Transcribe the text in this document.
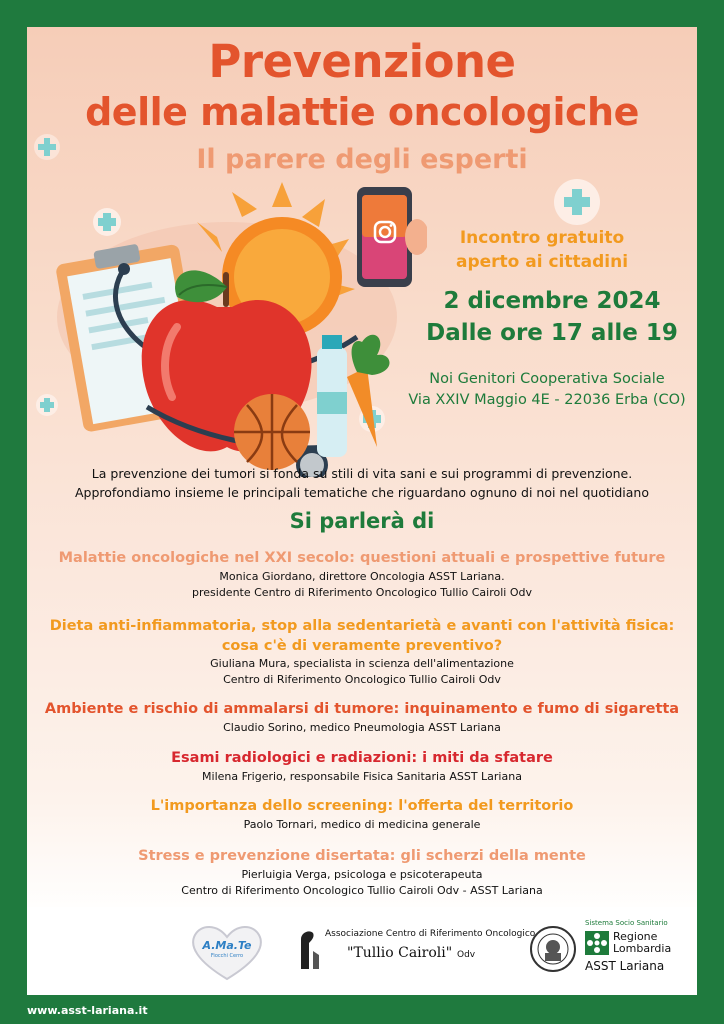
Prevenzione
delle malattie oncologiche
Il parere degli esperti
Incontro gratuito
aperto ai cittadini
2 dicembre 2024
Dalle ore 17 alle 19
Noi Genitori Cooperativa Sociale
Via XXIV Maggio 4E - 22036 Erba (CO)
La prevenzione dei tumori si fonda su stili di vita sani e sui programmi di prevenzione.
Approfondiamo insieme le principali tematiche che riguardano ognuno di noi nel quotidiano
Si parlerà di
Malattie oncologiche nel XXI secolo: questioni attuali e prospettive future
Monica Giordano, direttore Oncologia ASST Lariana.
presidente Centro di Riferimento Oncologico Tullio Cairoli Odv
Dieta anti-infiammatoria, stop alla sedentarietà e avanti con l'attività fisica:
cosa c'è di veramente preventivo?
Giuliana Mura, specialista in scienza dell'alimentazione
Centro di Riferimento Oncologico Tullio Cairoli Odv
Ambiente e rischio di ammalarsi di tumore: inquinamento e fumo di sigaretta
Claudio Sorino, medico Pneumologia ASST Lariana
Esami radiologici e radiazioni: i miti da sfatare
Milena Frigerio, responsabile Fisica Sanitaria ASST Lariana
L'importanza dello screening: l'offerta del territorio
Paolo Tornari, medico di medicina generale
Stress e prevenzione disertata: gli scherzi della mente
Pierluigia Verga, psicologa e psicoterapeuta
Centro di Riferimento Oncologico Tullio Cairoli Odv - ASST Lariana
A.Ma.Te
Fiocchi Cerro
Associazione Centro di Riferimento Oncologico
"Tullio Cairoli" Odv
Sistema Socio Sanitario
Regione
Lombardia
ASST Lariana
www.asst-lariana.it
